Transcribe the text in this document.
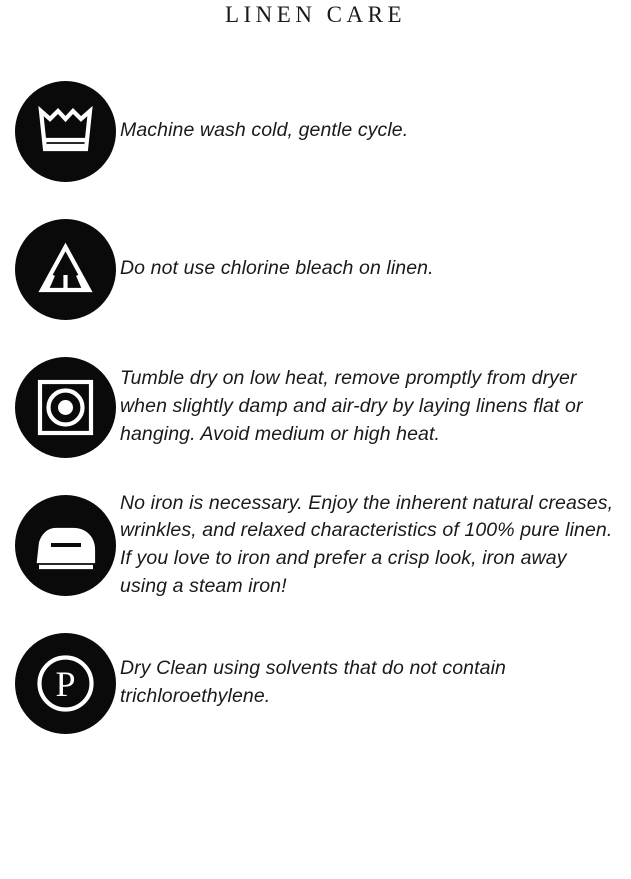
LINEN CARE
Machine wash cold, gentle cycle.
Do not use chlorine bleach on linen.
Tumble dry on low heat, remove promptly from dryer when slightly damp and air-dry by laying linens flat or hanging. Avoid medium or high heat.
No iron is necessary. Enjoy the inherent natural creases, wrinkles, and relaxed characteristics of 100% pure linen. If you love to iron and prefer a crisp look, iron away using a steam iron!
P Dry Clean using solvents that do not contain trichloroethylene.
